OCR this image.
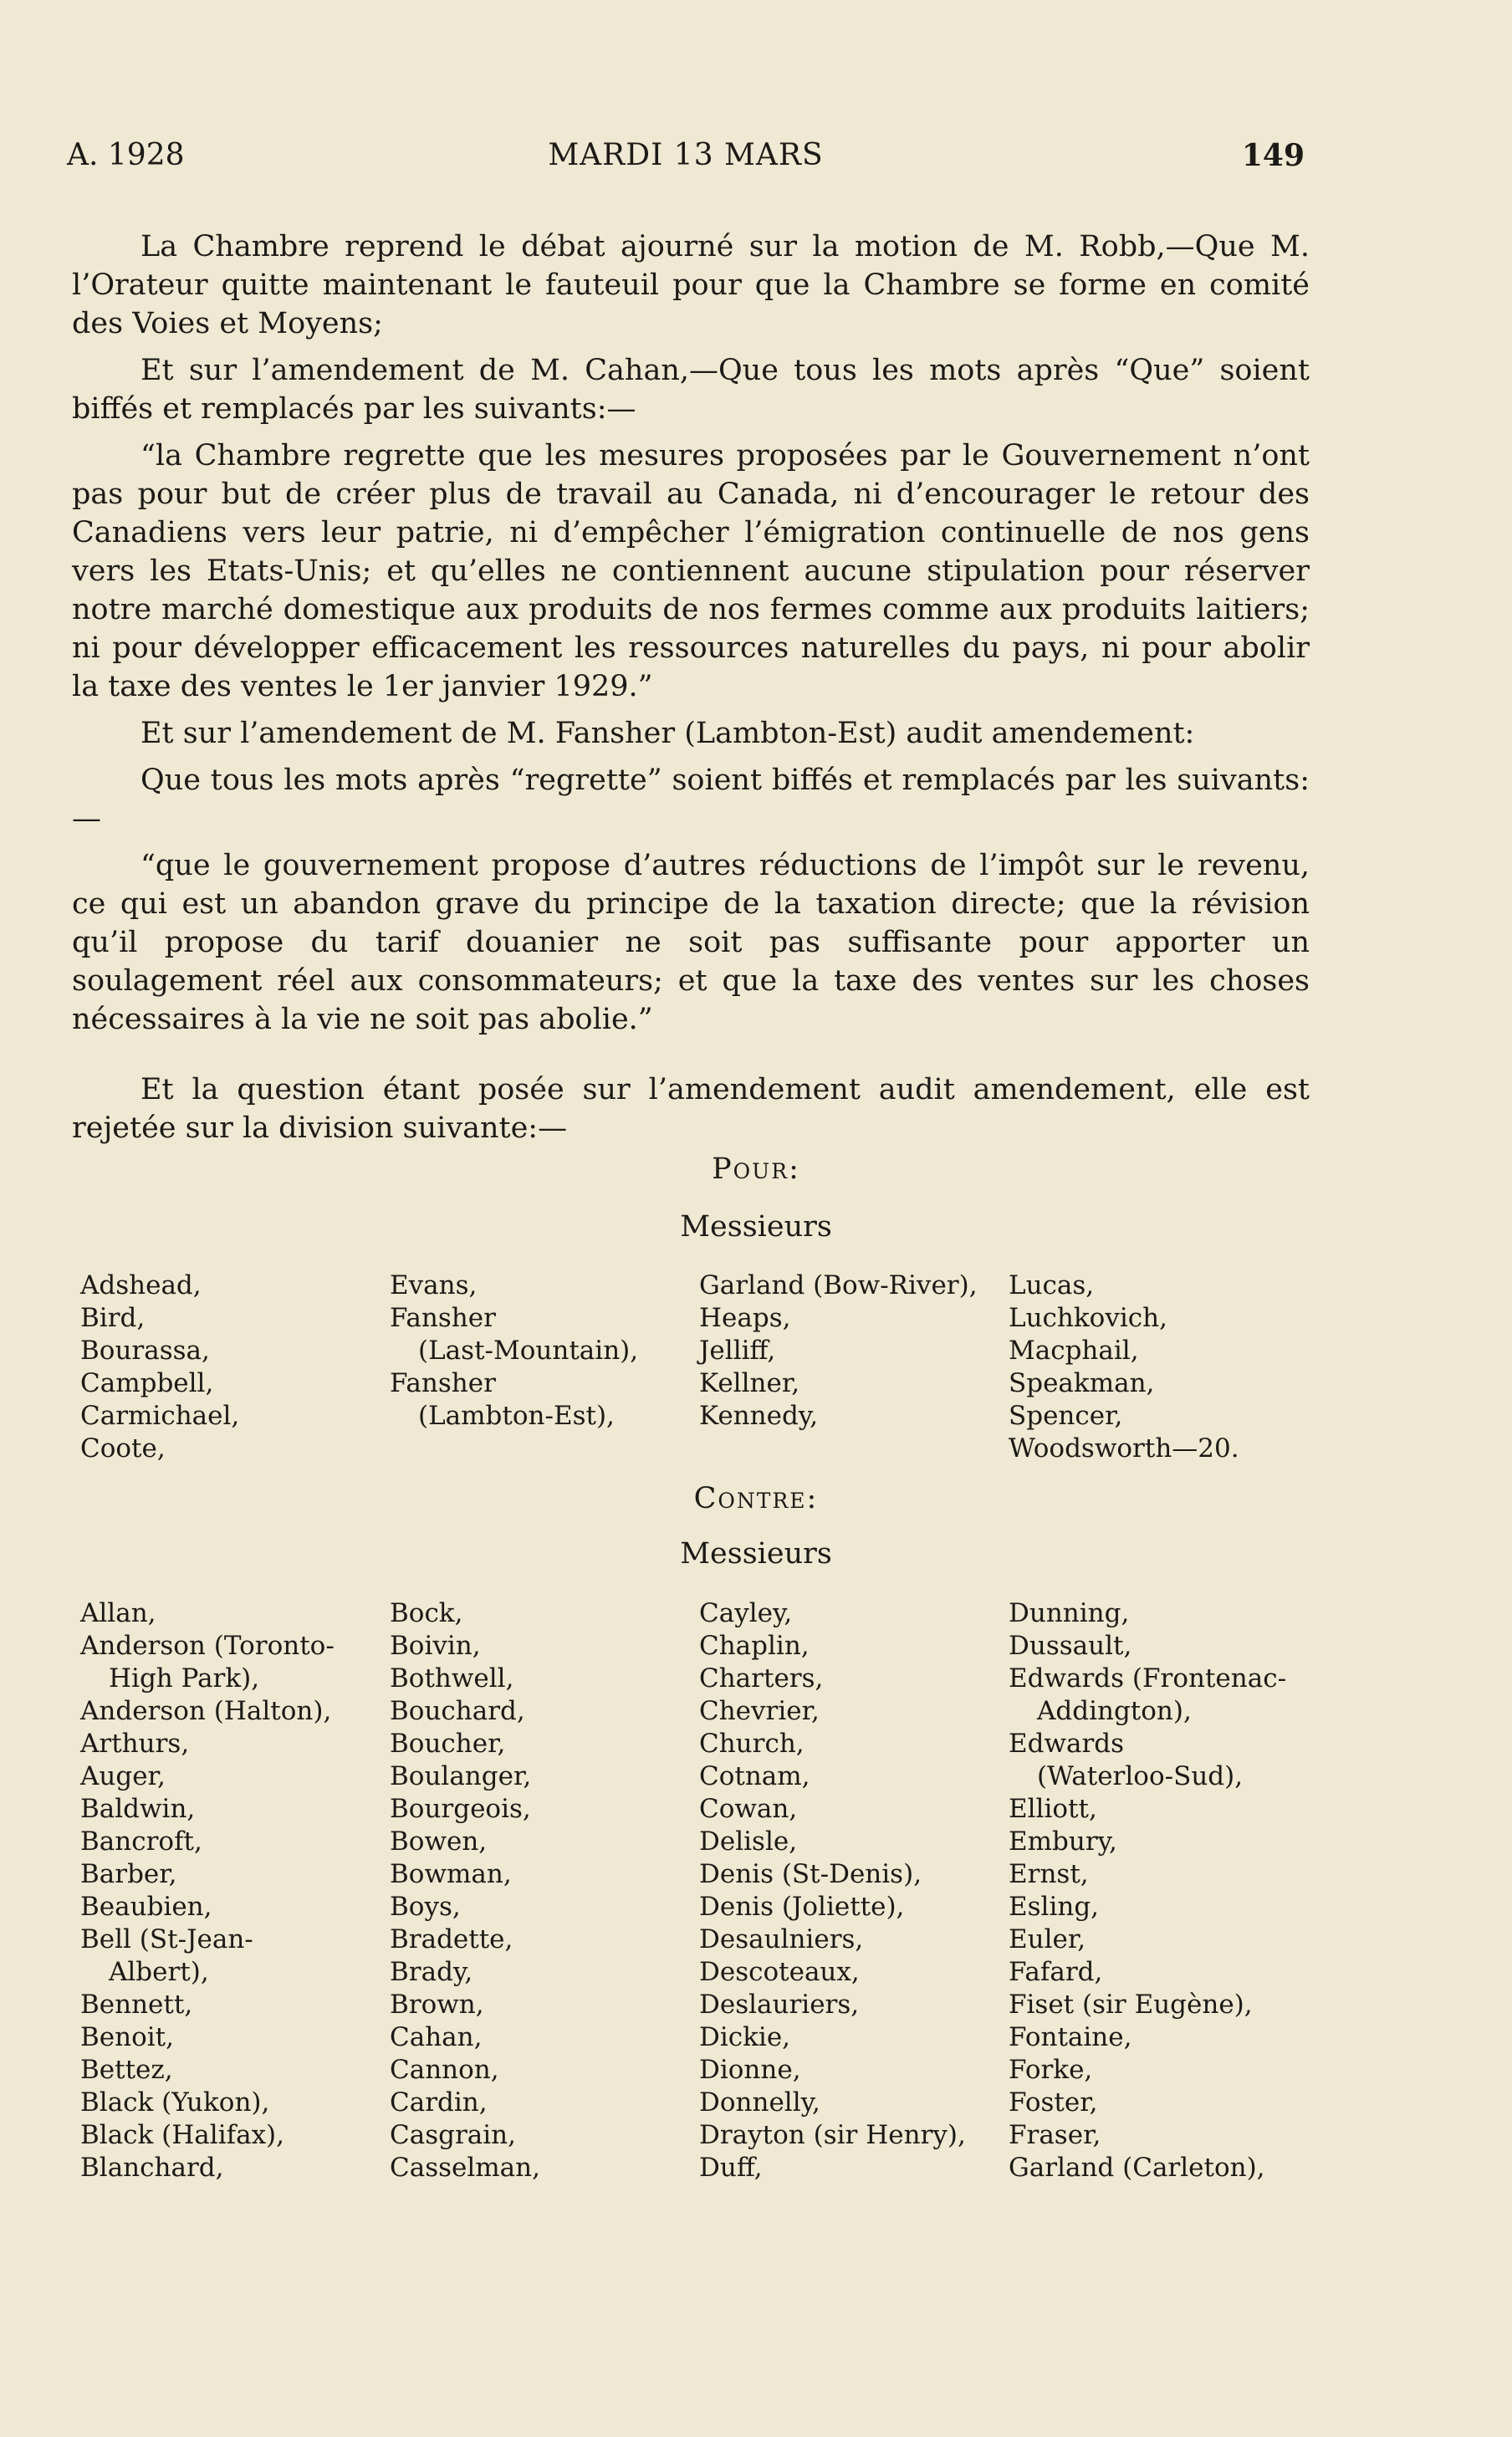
A. 1928	MARDI 13 MARS	149

La Chambre reprend le débat ajourné sur la motion de M. Robb,—Que M. l’Orateur quitte maintenant le fauteuil pour que la Chambre se forme en comité des Voies et Moyens;

Et sur l’amendement de M. Cahan,—Que tous les mots après “Que” soient biffés et remplacés par les suivants:—

“la Chambre regrette que les mesures proposées par le Gouvernement n’ont pas pour but de créer plus de travail au Canada, ni d’encourager le retour des Canadiens vers leur patrie, ni d’empêcher l’émigration continuelle de nos gens vers les Etats-Unis; et qu’elles ne contiennent aucune stipulation pour réserver notre marché domestique aux produits de nos fermes comme aux produits laitiers; ni pour développer efficacement les ressources naturelles du pays, ni pour abolir la taxe des ventes le 1er janvier 1929.”

Et sur l’amendement de M. Fansher (Lambton-Est) audit amendement:

Que tous les mots après “regrette” soient biffés et remplacés par les suivants:—

“que le gouvernement propose d’autres réductions de l’impôt sur le revenu, ce qui est un abandon grave du principe de la taxation directe; que la révision qu’il propose du tarif douanier ne soit pas suffisante pour apporter un soulagement réel aux consommateurs; et que la taxe des ventes sur les choses nécessaires à la vie ne soit pas abolie.”

Et la question étant posée sur l’amendement audit amendement, elle est rejetée sur la division suivante:—

Pour:
Messieurs
Adshead,
Bird,
Bourassa,
Campbell,
Carmichael,
Coote,
Evans,
Fansher
(Last-Mountain),
Fansher
(Lambton-Est),
Garland (Bow-River),
Heaps,
Jelliff,
Kellner,
Kennedy,
Lucas,
Luchkovich,
Macphail,
Speakman,
Spencer,
Woodsworth—20.
Contre:
Messieurs
Allan,
Anderson (Toronto-
High Park),
Anderson (Halton),
Arthurs,
Auger,
Baldwin,
Bancroft,
Barber,
Beaubien,
Bell (St-Jean-
Albert),
Bennett,
Benoit,
Bettez,
Black (Yukon),
Black (Halifax),
Blanchard,
Bock,
Boivin,
Bothwell,
Bouchard,
Boucher,
Boulanger,
Bourgeois,
Bowen,
Bowman,
Boys,
Bradette,
Brady,
Brown,
Cahan,
Cannon,
Cardin,
Casgrain,
Casselman,
Cayley,
Chaplin,
Charters,
Chevrier,
Church,
Cotnam,
Cowan,
Delisle,
Denis (St-Denis),
Denis (Joliette),
Desaulniers,
Descoteaux,
Deslauriers,
Dickie,
Dionne,
Donnelly,
Drayton (sir Henry),
Duff,
Dunning,
Dussault,
Edwards (Frontenac-
Addington),
Edwards
(Waterloo-Sud),
Elliott,
Embury,
Ernst,
Esling,
Euler,
Fafard,
Fiset (sir Eugène),
Fontaine,
Forke,
Foster,
Fraser,
Garland (Carleton),
